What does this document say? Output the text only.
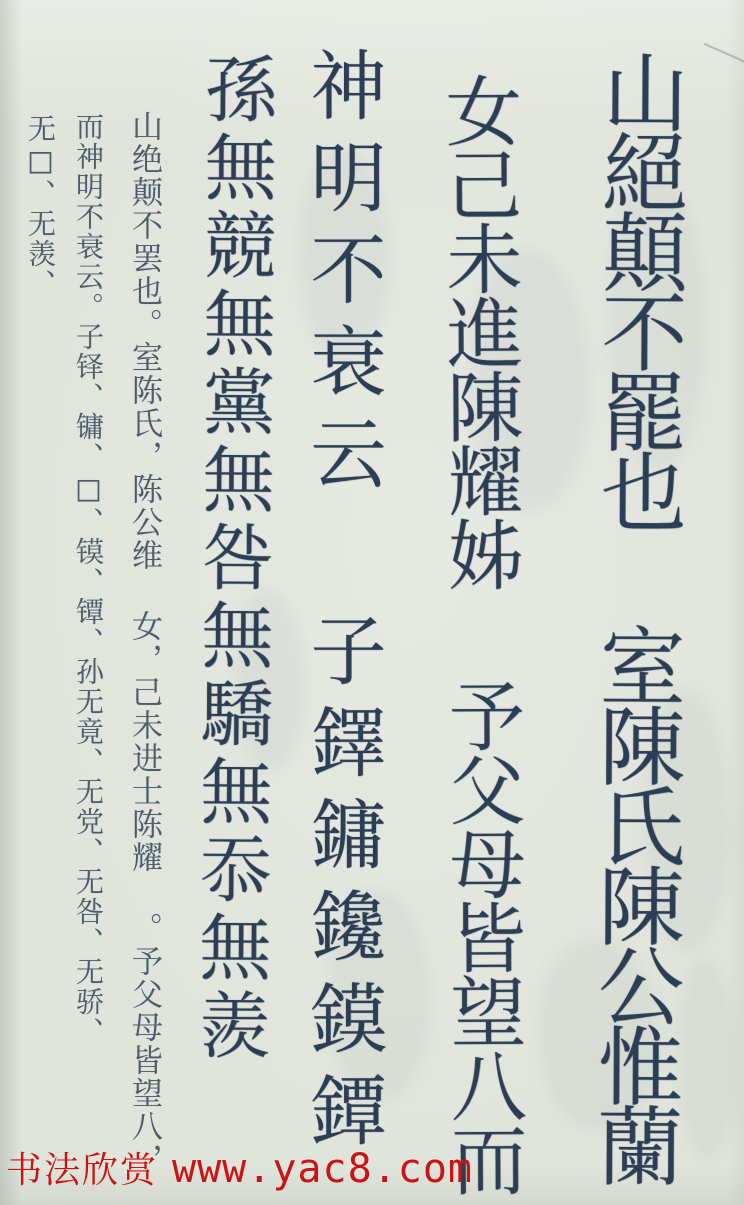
山絕顛不罷也 室陳氏陳公惟蘭
女己未進陳耀姊 予父母皆望八而
神明不衰云 子鐸鏞鑱鏌鐔
孫無競無黨無咎無驕無忝無羨
山绝颠不罢也。室陈氏，陈公维 女，己未进士陈耀 。予父母皆望八，
而神明不衰云。子铎、镛、□、镆、镡、孙无竟、无党、无咎、无骄、
无□、无羡、
书法欣赏 www.yac8.com
